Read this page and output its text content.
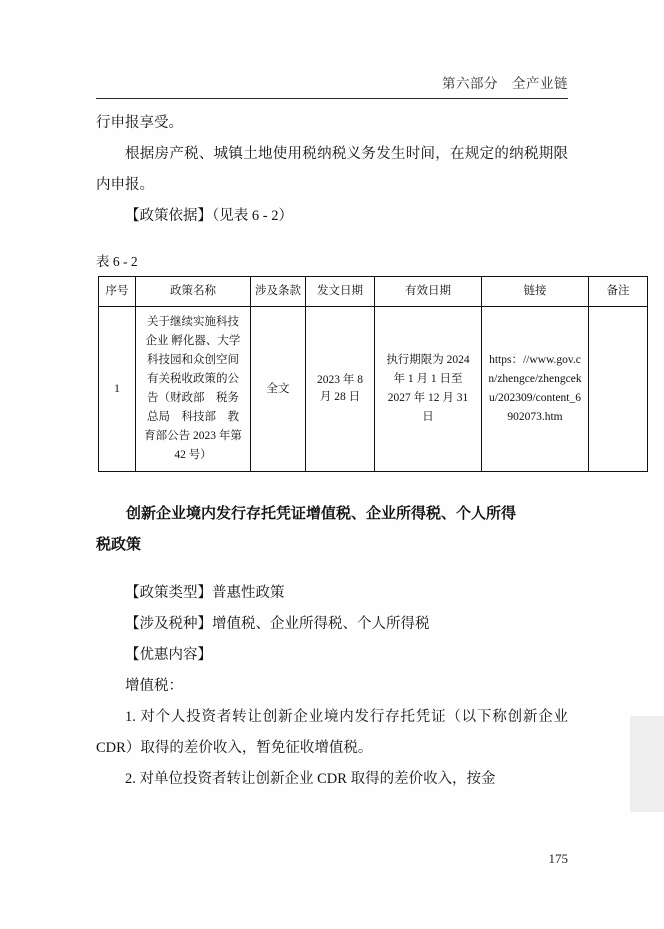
第六部分 全产业链

行申报享受。

根据房产税、城镇土地使用税纳税义务发生时间，在规定的纳税期限内申报。

【政策依据】（见表 6 - 2）

表 6 - 2
序号	政策名称	涉及条款	发文日期	有效日期	链接	备注
1	关于继续实施科技企业 孵化器、大学科技园和众创空间有关税收政策的公告（财政部　税务总局　科技部　教育部公告 2023 年第 42 号）	全文	2023 年 8 月 28 日	执行期限为 2024 年 1 月 1 日至 2027 年 12 月 31 日	https：//www.gov.cn/zhengce/zhengceku/202309/content_6902073.htm	
创新企业境内发行存托凭证增值税、企业所得税、个人所得
税政策

【政策类型】普惠性政策

【涉及税种】增值税、企业所得税、个人所得税

【优惠内容】

增值税：

1. 对个人投资者转让创新企业境内发行存托凭证（以下称创新企业 CDR）取得的差价收入，暂免征收增值税。

2. 对单位投资者转让创新企业 CDR 取得的差价收入，按金

175
